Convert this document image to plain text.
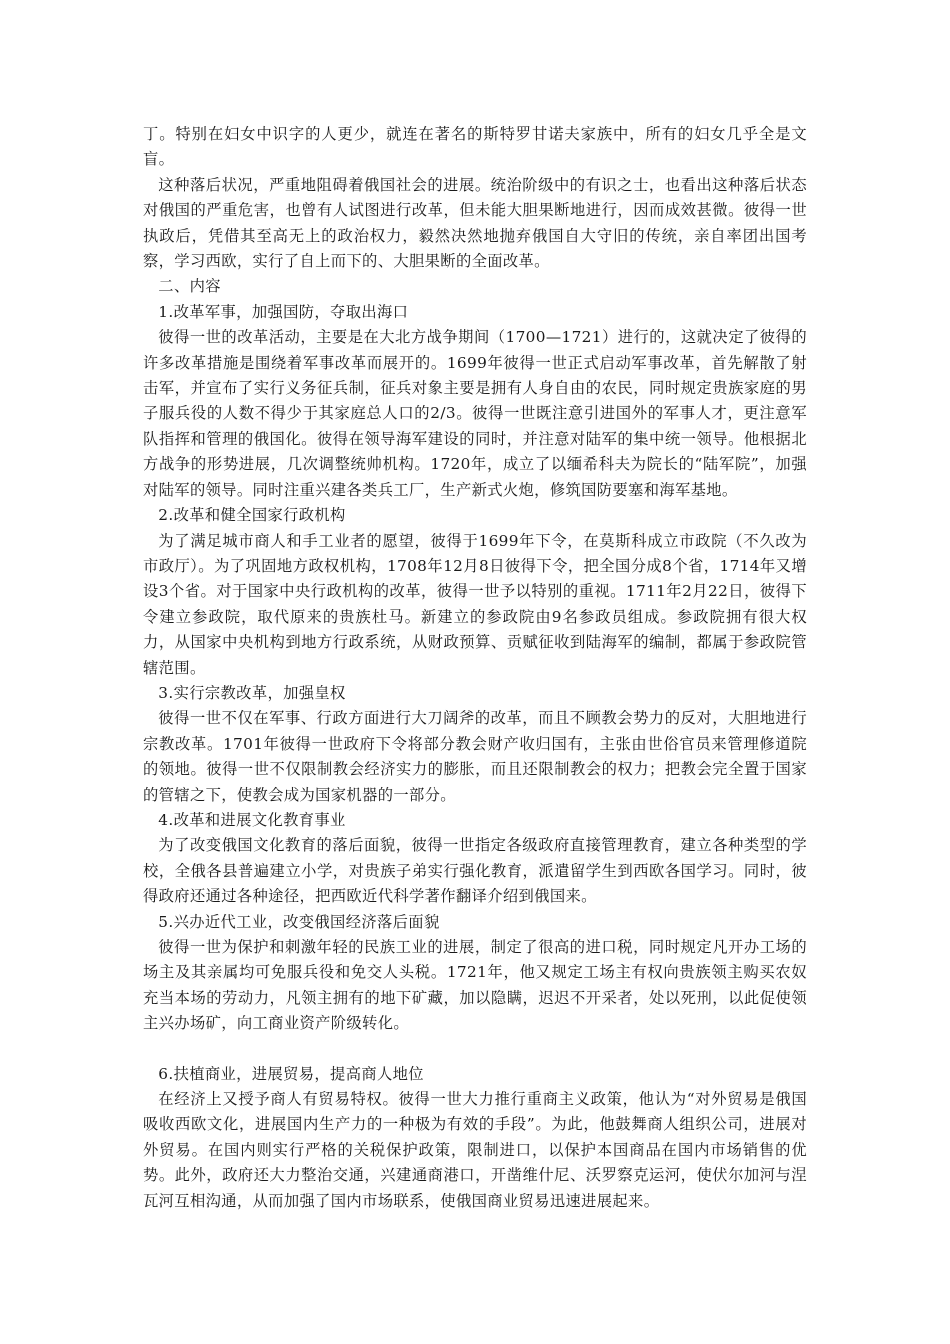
丁。特别在妇女中识字的人更少，就连在著名的斯特罗甘诺夫家族中，所有的妇女几乎全是文盲。

这种落后状况，严重地阻碍着俄国社会的进展。统治阶级中的有识之士，也看出这种落后状态对俄国的严重危害，也曾有人试图进行改革，但未能大胆果断地进行，因而成效甚微。彼得一世执政后，凭借其至高无上的政治权力，毅然决然地抛弃俄国自大守旧的传统，亲自率团出国考察，学习西欧，实行了自上而下的、大胆果断的全面改革。

二、内容

1.改革军事，加强国防，夺取出海口

彼得一世的改革活动，主要是在大北方战争期间（1700—1721）进行的，这就决定了彼得的许多改革措施是围绕着军事改革而展开的。1699年彼得一世正式启动军事改革，首先解散了射击军，并宣布了实行义务征兵制，征兵对象主要是拥有人身自由的农民，同时规定贵族家庭的男子服兵役的人数不得少于其家庭总人口的2/3。彼得一世既注意引进国外的军事人才，更注意军队指挥和管理的俄国化。彼得在领导海军建设的同时，并注意对陆军的集中统一领导。他根据北方战争的形势进展，几次调整统帅机构。1720年，成立了以缅希科夫为院长的“陆军院”，加强对陆军的领导。同时注重兴建各类兵工厂，生产新式火炮，修筑国防要塞和海军基地。

2.改革和健全国家行政机构

为了满足城市商人和手工业者的愿望，彼得于1699年下令，在莫斯科成立市政院（不久改为市政厅）。为了巩固地方政权机构，1708年12月8日彼得下令，把全国分成8个省，1714年又增设3个省。对于国家中央行政机构的改革，彼得一世予以特别的重视。1711年2月22日，彼得下令建立参政院，取代原来的贵族杜马。新建立的参政院由9名参政员组成。参政院拥有很大权力，从国家中央机构到地方行政系统，从财政预算、贡赋征收到陆海军的编制，都属于参政院管辖范围。

3.实行宗教改革，加强皇权

彼得一世不仅在军事、行政方面进行大刀阔斧的改革，而且不顾教会势力的反对，大胆地进行宗教改革。1701年彼得一世政府下令将部分教会财产收归国有，主张由世俗官员来管理修道院的领地。彼得一世不仅限制教会经济实力的膨胀，而且还限制教会的权力；把教会完全置于国家的管辖之下，使教会成为国家机器的一部分。

4.改革和进展文化教育事业

为了改变俄国文化教育的落后面貌，彼得一世指定各级政府直接管理教育，建立各种类型的学校，全俄各县普遍建立小学，对贵族子弟实行强化教育，派遣留学生到西欧各国学习。同时，彼得政府还通过各种途径，把西欧近代科学著作翻译介绍到俄国来。

5.兴办近代工业，改变俄国经济落后面貌

彼得一世为保护和刺激年轻的民族工业的进展，制定了很高的进口税，同时规定凡开办工场的场主及其亲属均可免服兵役和免交人头税。1721年，他又规定工场主有权向贵族领主购买农奴充当本场的劳动力，凡领主拥有的地下矿藏，加以隐瞒，迟迟不开采者，处以死刑，以此促使领主兴办场矿，向工商业资产阶级转化。

6.扶植商业，进展贸易，提高商人地位

在经济上又授予商人有贸易特权。彼得一世大力推行重商主义政策，他认为“对外贸易是俄国吸收西欧文化，进展国内生产力的一种极为有效的手段”。为此，他鼓舞商人组织公司，进展对外贸易。在国内则实行严格的关税保护政策，限制进口，以保护本国商品在国内市场销售的优势。此外，政府还大力整治交通，兴建通商港口，开凿维什尼、沃罗察克运河，使伏尔加河与涅瓦河互相沟通，从而加强了国内市场联系，使俄国商业贸易迅速进展起来。
